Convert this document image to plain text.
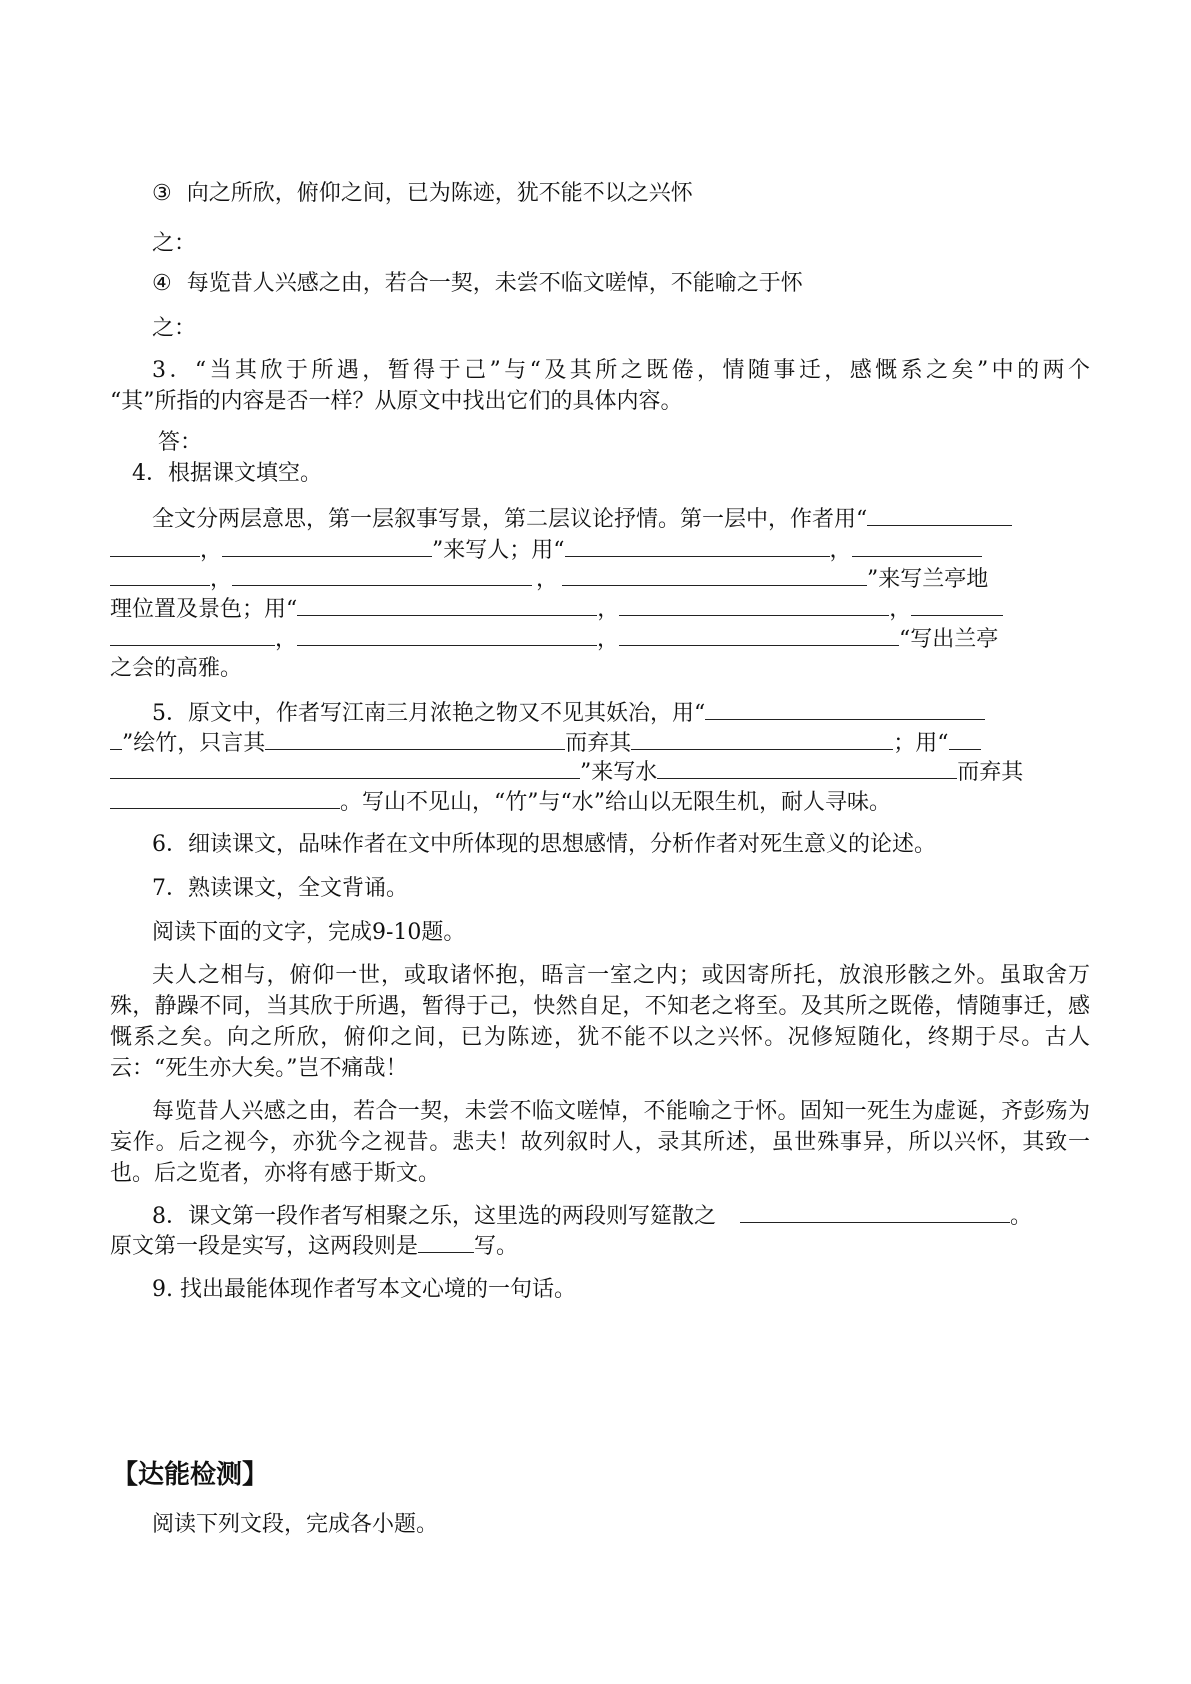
③ 向之所欣，俯仰之间，已为陈迹，犹不能不以之兴怀
之：
④ 每览昔人兴感之由，若合一契，未尝不临文嗟悼，不能喻之于怀
之：
3．“当其欣于所遇，暂得于己”与“及其所之既倦，情随事迁，感慨系之矣”中的两个
“其”所指的内容是否一样？从原文中找出它们的具体内容。
答：
4．根据课文填空。
全文分两层意思，第一层叙事写景，第二层议论抒情。第一层中，作者用“
，	”来写人；用“	，
，	，	”来写兰亭地
理位置及景色；用“	，	，
，	，	“写出兰亭
之会的高雅。
5．原文中，作者写江南三月浓艳之物又不见其妖冶，用“
”绘竹，只言其	而弃其	；用“
”来写水	而弃其
。写山不见山，“竹”与“水”给山以无限生机，耐人寻味。
6．细读课文，品味作者在文中所体现的思想感情，分析作者对死生意义的论述。
7．熟读课文，全文背诵。
阅读下面的文字，完成9-10题。

夫人之相与，俯仰一世，或取诸怀抱，晤言一室之内；或因寄所托，放浪形骸之外。虽取舍万殊，静躁不同，当其欣于所遇，暂得于己，快然自足，不知老之将至。及其所之既倦，情随事迁，感慨系之矣。向之所欣，俯仰之间，已为陈迹，犹不能不以之兴怀。况修短随化，终期于尽。古人云：“死生亦大矣。”岂不痛哉！

每览昔人兴感之由，若合一契，未尝不临文嗟悼，不能喻之于怀。固知一死生为虚诞，齐彭殇为妄作。后之视今，亦犹今之视昔。悲夫！故列叙时人，录其所述，虽世殊事异，所以兴怀，其致一也。后之览者，亦将有感于斯文。

8．课文第一段作者写相聚之乐，这里选的两段则写筵散之	。
原文第一段是实写，这两段则是	写。
9. 找出最能体现作者写本文心境的一句话。
【达能检测】
阅读下列文段，完成各小题。
